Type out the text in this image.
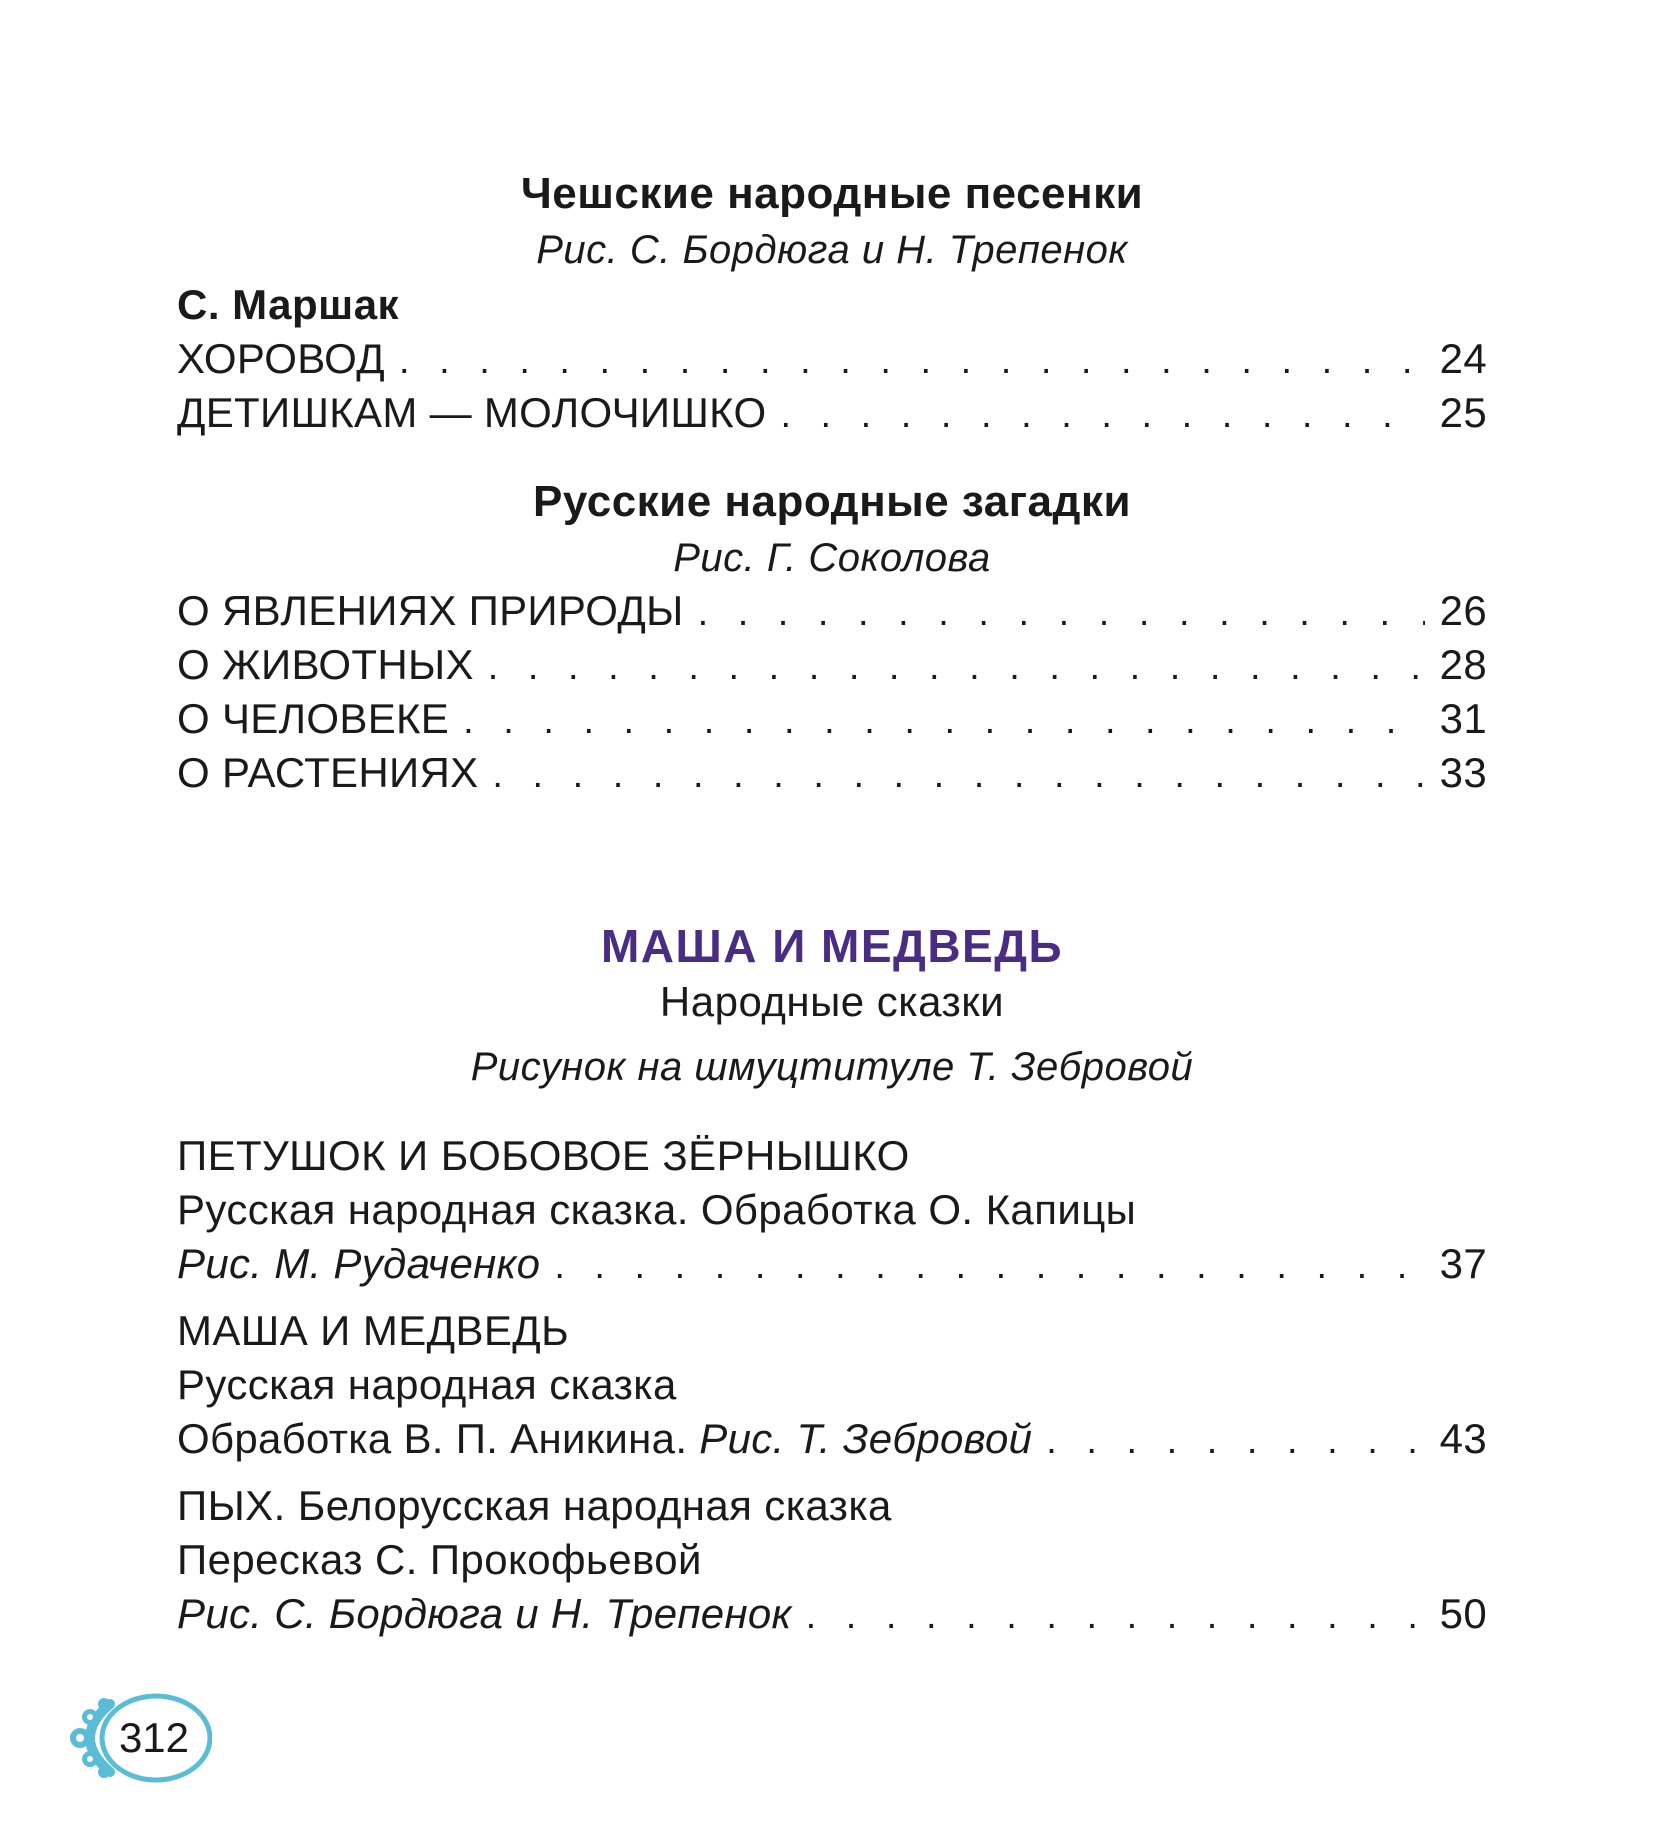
Чешские народные песенки
Рис. С. Бордюга и Н. Трепенок
С. Маршак
ХОРОВОД . . .	24
ДЕТИШКАМ — МОЛОЧИШКО . . .	25
Русские народные загадки
Рис. Г. Соколова
О ЯВЛЕНИЯХ ПРИРОДЫ . . .	26
О ЖИВОТНЫХ . . .	28
О ЧЕЛОВЕКЕ . . .	31
О РАСТЕНИЯХ . . .	33
МАША И МЕДВЕДЬ
Народные сказки
Рисунок на шмуцтитуле Т. Зебровой
ПЕТУШОК И БОБОВОЕ ЗЁРНЫШКО
Русская народная сказка. Обработка О. Капицы
Рис. М. Рудаченко . . .	37
МАША И МЕДВЕДЬ
Русская народная сказка
Обработка В. П. Аникина. Рис. Т. Зебровой . . .	43
ПЫХ. Белорусская народная сказка
Пересказ С. Прокофьевой
Рис. С. Бордюга и Н. Трепенок . . .	50
312
